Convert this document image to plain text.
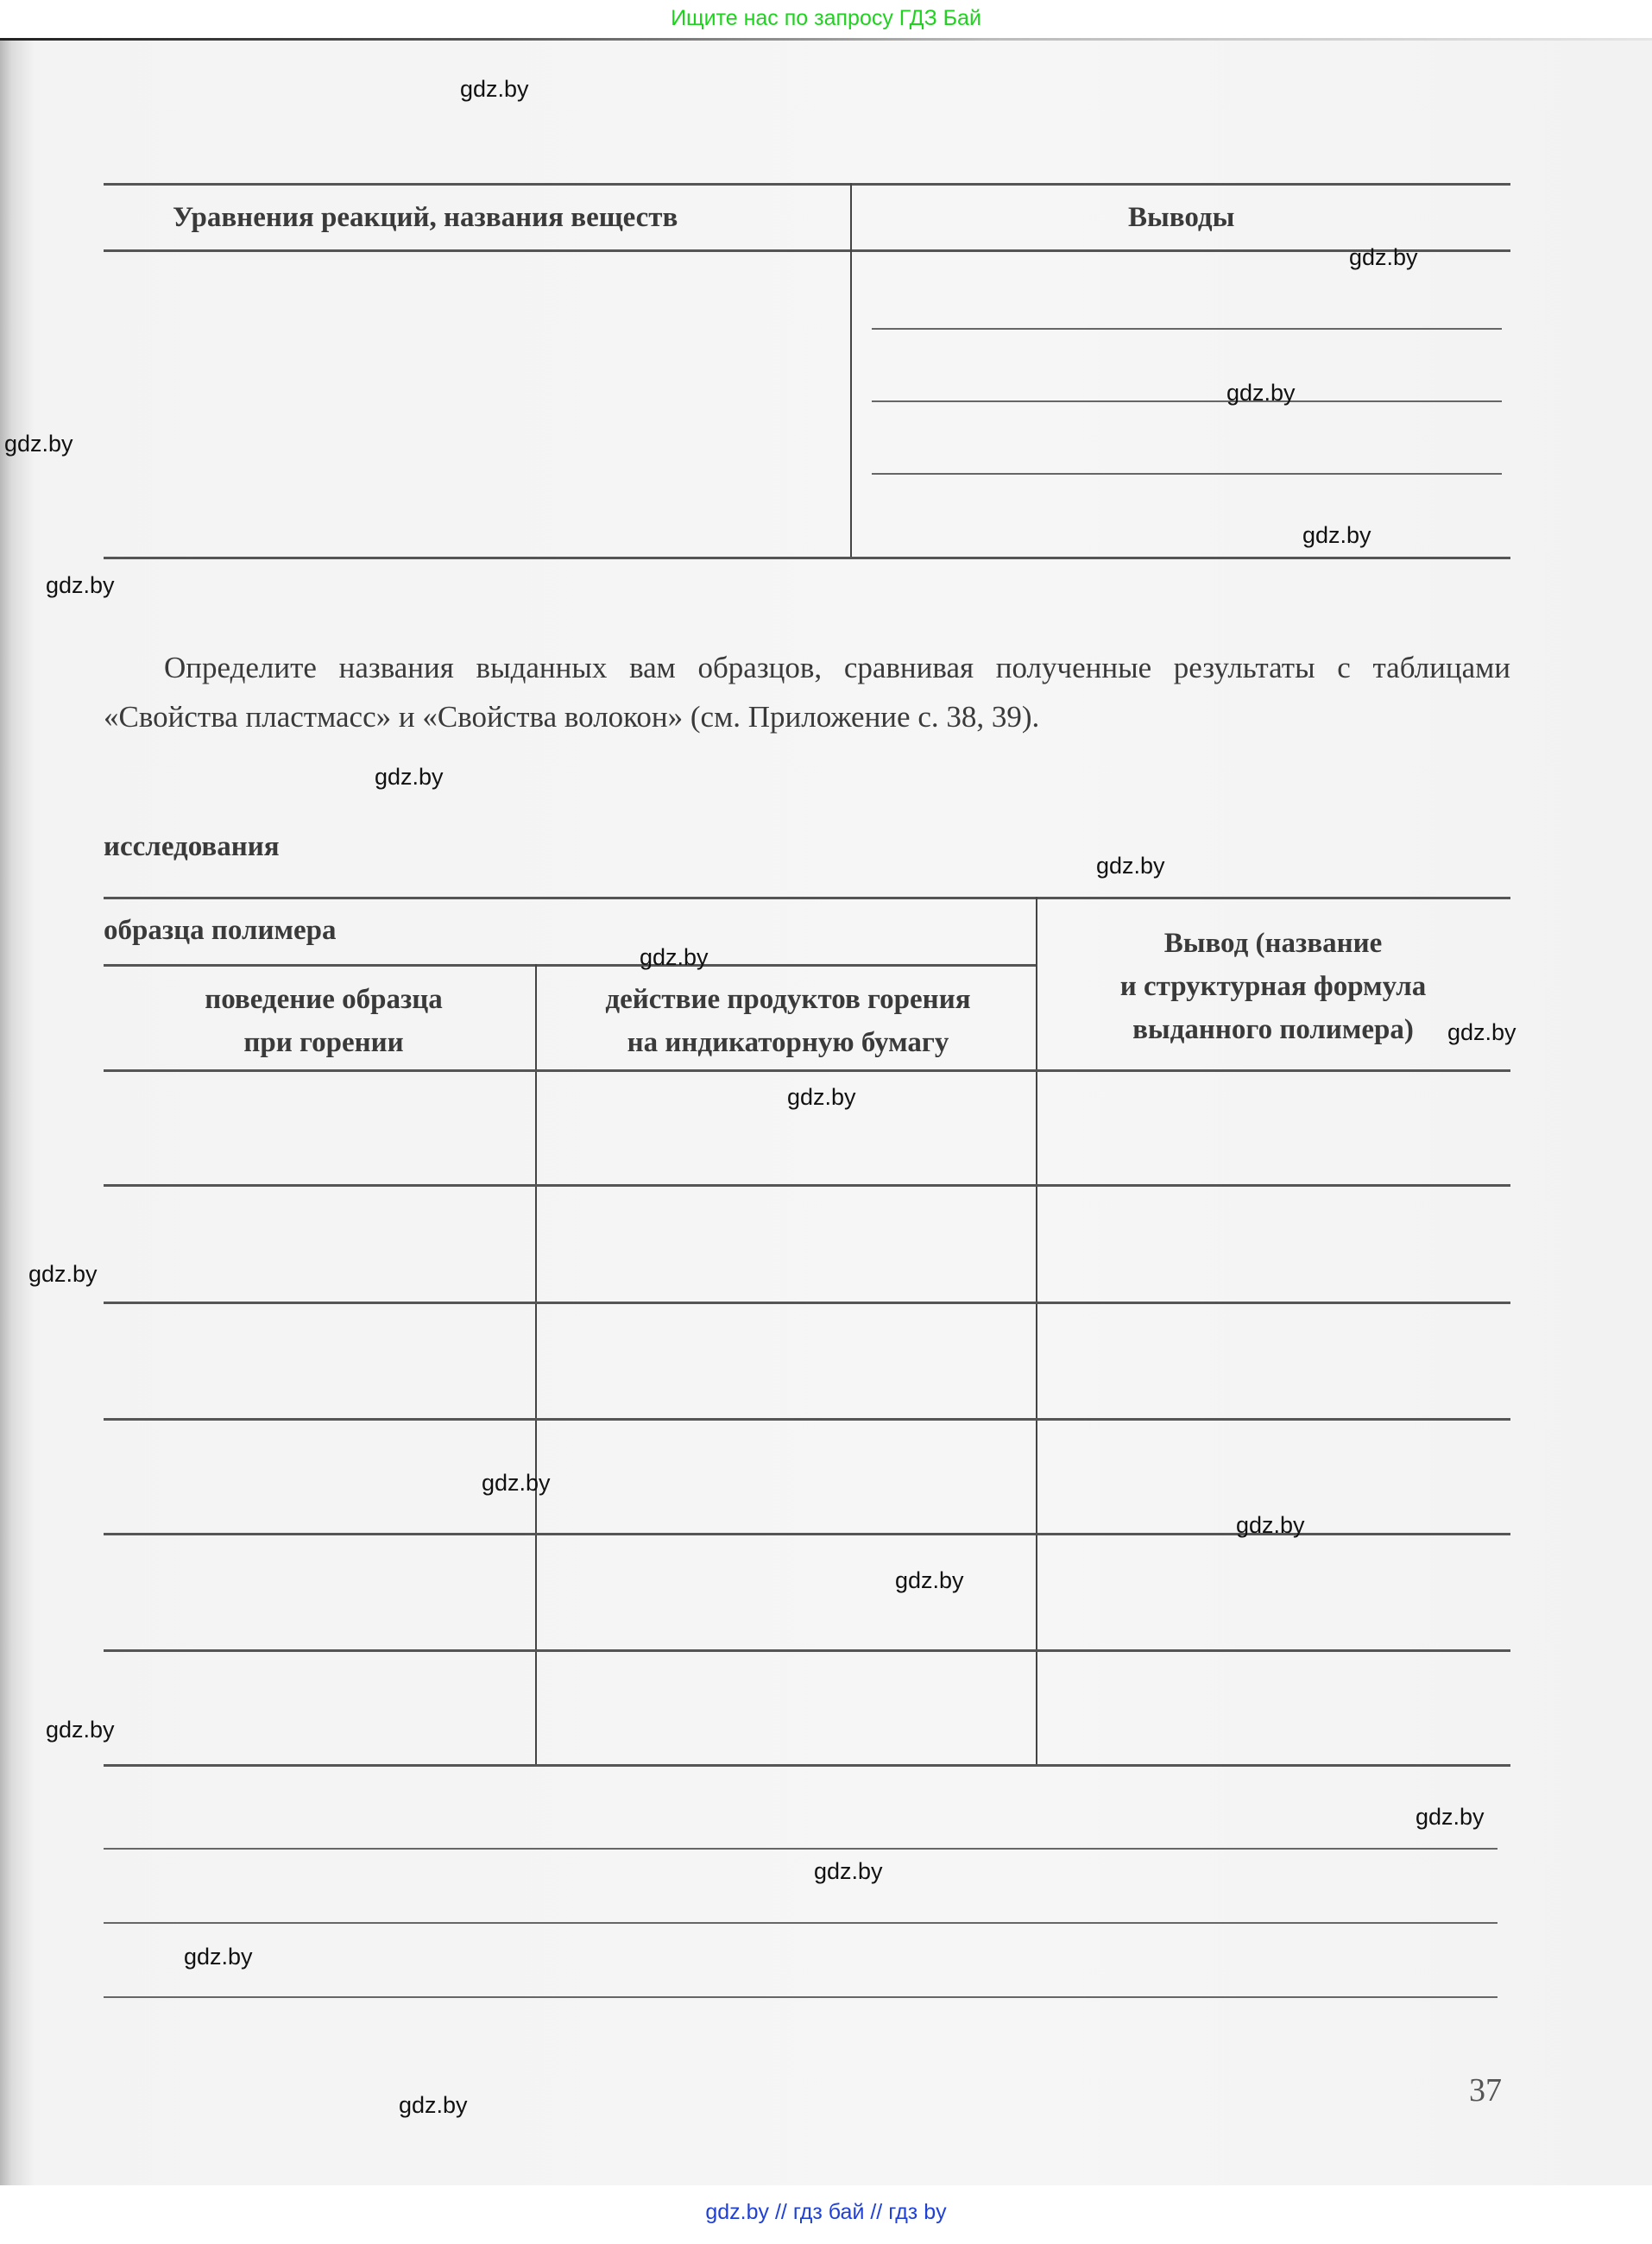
Ищите нас по запросу ГДЗ Бай
Уравнения реакций, названия веществ	Выводы
Определите названия выданных вам образцов, сравнивая полученные результаты с таблицами «Свойства пластмасс» и «Свойства волокон» (см. Приложение с. 38, 39).
исследования
образца полимера
поведение образца
при горении
действие продуктов горения
на индикаторную бумагу
Вывод (название
и структурная формула
выданного полимера)
gdz.by
gdz.by
gdz.by
gdz.by
gdz.by
gdz.by
gdz.by
gdz.by
gdz.by
gdz.by
gdz.by
gdz.by
gdz.by
gdz.by
gdz.by
gdz.by
gdz.by
gdz.by
gdz.by
gdz.by	37
gdz.by // гдз бай // гдз by
